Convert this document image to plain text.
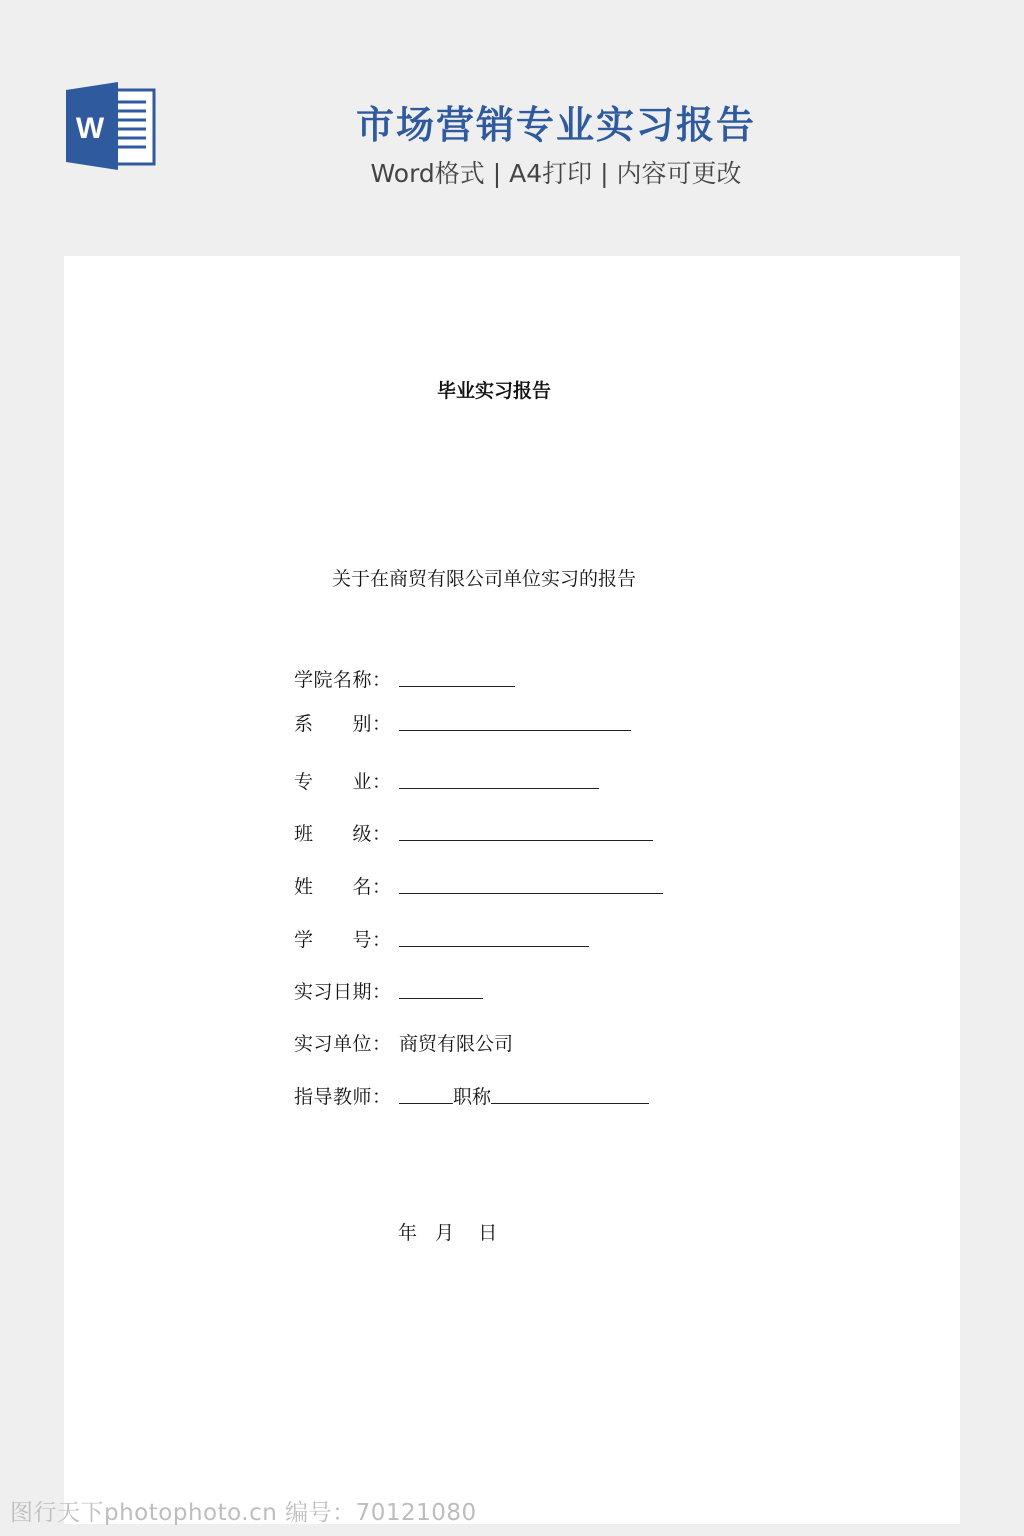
W	市场营销专业实习报告
Word格式 | A4打印 | 内容可更改
毕业实习报告
关于在商贸有限公司单位实习的报告
学院名称：
系　　别：
专　　业：
班　　级：
姓　　名：
学　　号：
实习日期：
实习单位： 商贸有限公司
指导教师：	职称
年   月    日
图行天下photophoto.cn 编号：70121080
